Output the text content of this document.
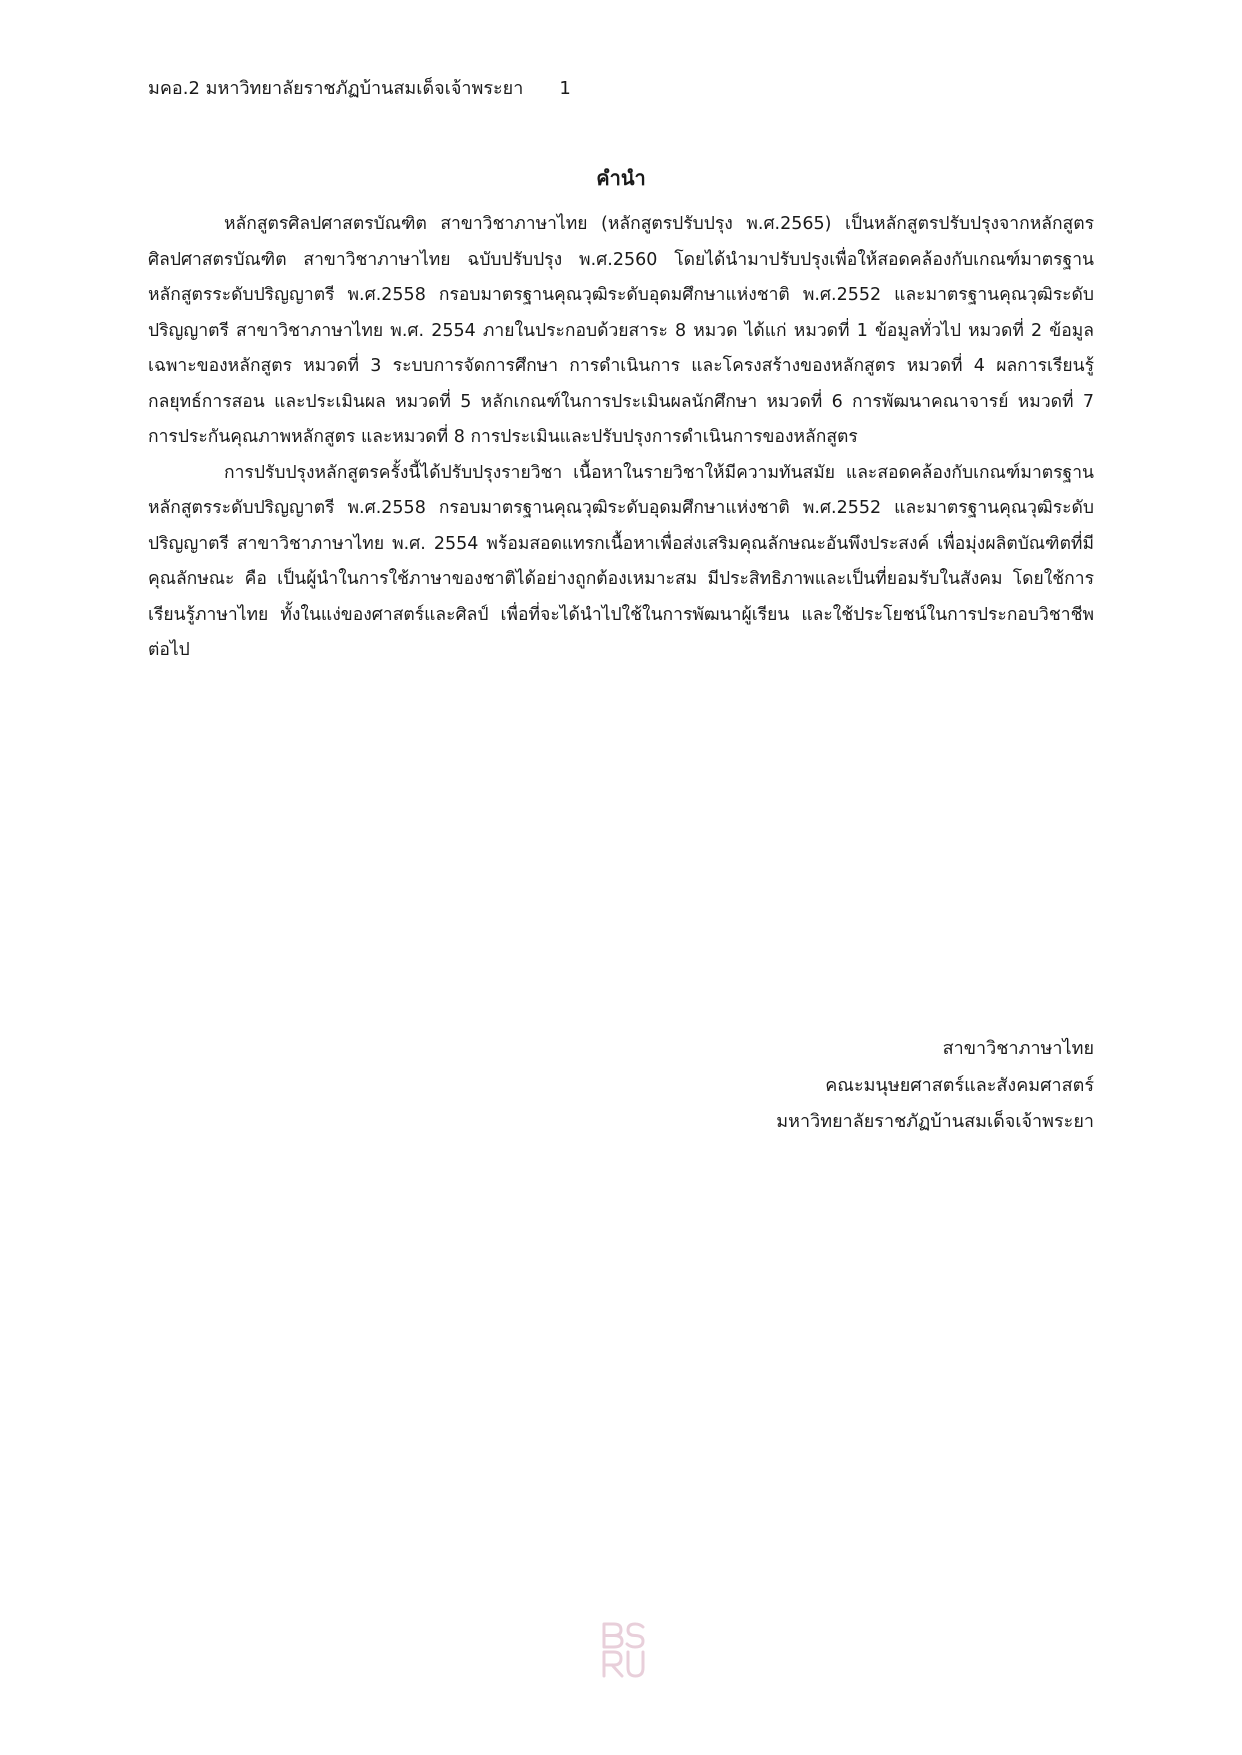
มคอ.2 มหาวิทยาลัยราชภัฏบ้านสมเด็จเจ้าพระยา 1
คำนำ

หลักสูตรศิลปศาสตรบัณฑิต สาขาวิชาภาษาไทย (หลักสูตรปรับปรุง พ.ศ.2565) เป็นหลักสูตรปรับปรุงจากหลักสูตรศิลปศาสตรบัณฑิต สาขาวิชาภาษาไทย ฉบับปรับปรุง พ.ศ.2560 โดยได้นำมาปรับปรุงเพื่อให้สอดคล้องกับเกณฑ์มาตรฐานหลักสูตรระดับปริญญาตรี พ.ศ.2558 กรอบมาตรฐานคุณวุฒิระดับอุดมศึกษาแห่งชาติ พ.ศ.2552 และมาตรฐานคุณวุฒิระดับปริญญาตรี สาขาวิชาภาษาไทย พ.ศ. 2554 ภายในประกอบด้วยสาระ 8 หมวด ได้แก่ หมวดที่ 1 ข้อมูลทั่วไป หมวดที่ 2 ข้อมูลเฉพาะของหลักสูตร หมวดที่ 3 ระบบการจัดการศึกษา การดำเนินการ และโครงสร้างของหลักสูตร หมวดที่ 4 ผลการเรียนรู้ กลยุทธ์การสอน และประเมินผล หมวดที่ 5 หลักเกณฑ์ในการประเมินผลนักศึกษา หมวดที่ 6 การพัฒนาคณาจารย์ หมวดที่ 7 การประกันคุณภาพหลักสูตร และหมวดที่ 8 การประเมินและปรับปรุงการดำเนินการของหลักสูตร

การปรับปรุงหลักสูตรครั้งนี้ได้ปรับปรุงรายวิชา เนื้อหาในรายวิชาให้มีความทันสมัย และสอดคล้องกับเกณฑ์มาตรฐานหลักสูตรระดับปริญญาตรี พ.ศ.2558 กรอบมาตรฐานคุณวุฒิระดับอุดมศึกษาแห่งชาติ พ.ศ.2552 และมาตรฐานคุณวุฒิระดับปริญญาตรี สาขาวิชาภาษาไทย พ.ศ. 2554 พร้อมสอดแทรกเนื้อหาเพื่อส่งเสริมคุณลักษณะอันพึงประสงค์ เพื่อมุ่งผลิตบัณฑิตที่มีคุณลักษณะ คือ เป็นผู้นำในการใช้ภาษาของชาติได้อย่างถูกต้องเหมาะสม มีประสิทธิภาพและเป็นที่ยอมรับในสังคม โดยใช้การเรียนรู้ภาษาไทย ทั้งในแง่ของศาสตร์และศิลป์ เพื่อที่จะได้นำไปใช้ในการพัฒนาผู้เรียน และใช้ประโยชน์ในการประกอบวิชาชีพต่อไป

สาขาวิชาภาษาไทย
คณะมนุษยศาสตร์และสังคมศาสตร์
มหาวิทยาลัยราชภัฏบ้านสมเด็จเจ้าพระยา
